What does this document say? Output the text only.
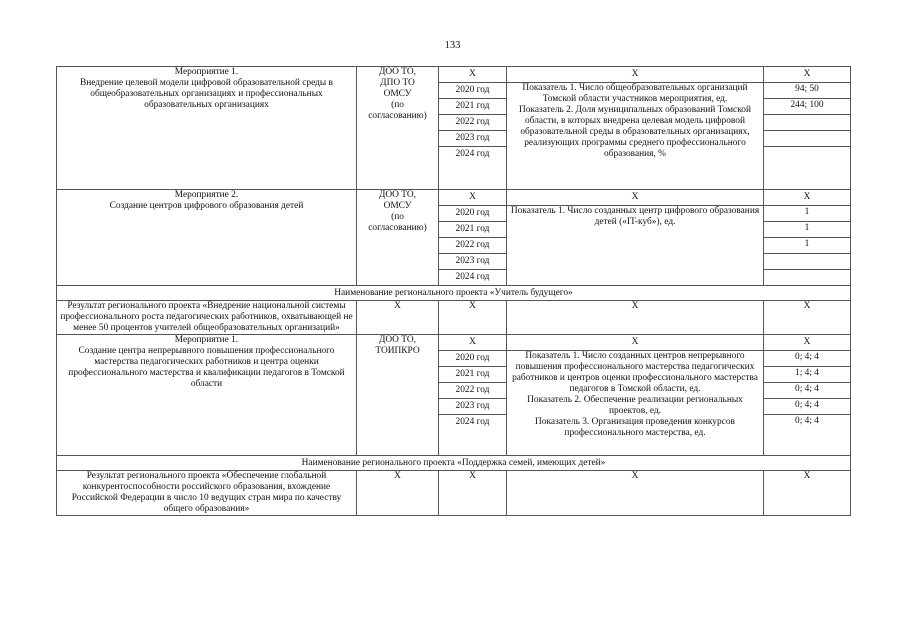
133
Мероприятие 1.
Внедрение целевой модели цифровой образовательной среды в общеобразовательных организациях и профессиональных образовательных организациях	ДОО ТО,
ДПО ТО
ОМСУ
(по
согласованию)	Х	Х	Х
		2020 год	Показатель 1. Число общеобразовательных организаций Томской области участников мероприятия, ед.
Показатель 2. Доля муниципальных образований Томской области, в которых внедрена целевая модель цифровой образовательной среды в образовательных организациях, реализующих программы среднего профессионального образования, %	94; 50
		2021 год		244; 100
		2022 год		
		2023 год		
		2024 год		
Мероприятие 2.
Создание центров цифрового образования детей	ДОО ТО,
ОМСУ
(по
согласованию)	Х	Х	Х
		2020 год	Показатель 1. Число созданных центр цифрового образования детей («IT-куб»), ед.	1
		2021 год		1
		2022 год		1
		2023 год		
		2024 год		
Наименование регионального проекта «Учитель будущего»				

Результат регионального проекта «Внедрение национальной системы профессионального роста педагогических работников, охватывающей не менее 50 процентов учителей общеобразовательных организаций»	Х	Х	Х	Х
Мероприятие 1.
Создание центра непрерывного повышения профессионального мастерства педагогических работников и центра оценки профессионального мастерства и квалификации педагогов в Томской области	ДОО ТО,
ТОИПКРО	Х	Х	Х
		2020 год	Показатель 1. Число созданных центров непрерывного повышения профессионального мастерства педагогических работников и центров оценки профессионального мастерства педагогов в Томской области, ед.
Показатель 2. Обеспечение реализации региональных проектов, ед.
Показатель 3. Организация проведения конкурсов профессионального мастерства, ед.	0; 4; 4
		2021 год		1; 4; 4
		2022 год		0; 4; 4
		2023 год		0; 4; 4
		2024 год		0; 4; 4
Наименование регионального проекта «Поддержка семей, имеющих детей»				

Результат регионального проекта «Обеспечение глобальной конкурентоспособности российского образования, вхождение Российской Федерации в число 10 ведущих стран мира по качеству общего образования»	Х	Х	Х	Х
